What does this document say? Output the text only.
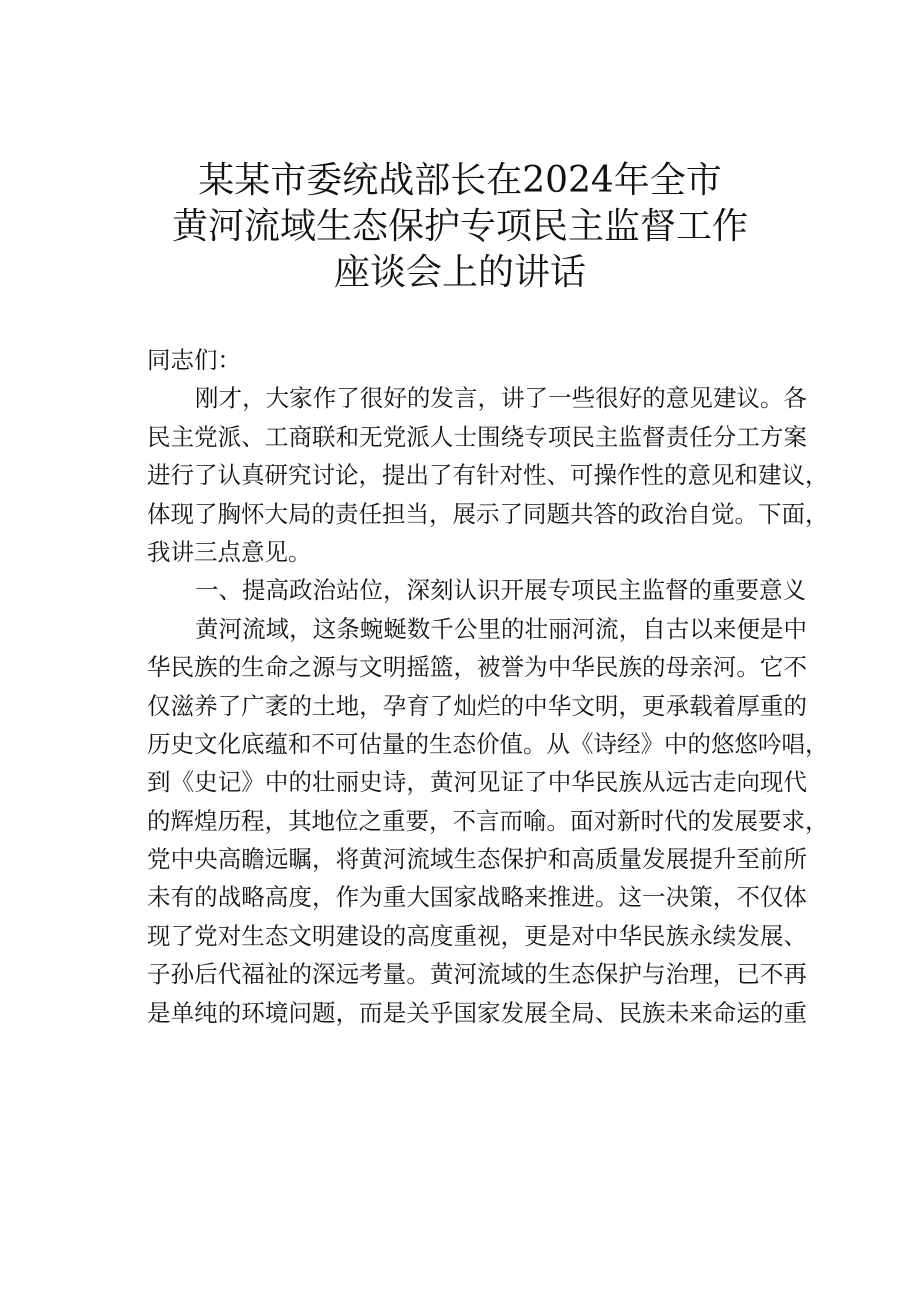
某某市委统战部长在2024年全市
黄河流域生态保护专项民主监督工作
座谈会上的讲话
同志们：
刚才，大家作了很好的发言，讲了一些很好的意见建议。各
民主党派、工商联和无党派人士围绕专项民主监督责任分工方案
进行了认真研究讨论，提出了有针对性、可操作性的意见和建议，
体现了胸怀大局的责任担当，展示了同题共答的政治自觉。下面，
我讲三点意见。
一、提高政治站位，深刻认识开展专项民主监督的重要意义
黄河流域，这条蜿蜒数千公里的壮丽河流，自古以来便是中
华民族的生命之源与文明摇篮，被誉为中华民族的母亲河。它不
仅滋养了广袤的土地，孕育了灿烂的中华文明，更承载着厚重的
历史文化底蕴和不可估量的生态价值。从《诗经》中的悠悠吟唱，
到《史记》中的壮丽史诗，黄河见证了中华民族从远古走向现代
的辉煌历程，其地位之重要，不言而喻。面对新时代的发展要求，
党中央高瞻远瞩，将黄河流域生态保护和高质量发展提升至前所
未有的战略高度，作为重大国家战略来推进。这一决策，不仅体
现了党对生态文明建设的高度重视，更是对中华民族永续发展、
子孙后代福祉的深远考量。黄河流域的生态保护与治理，已不再
是单纯的环境问题，而是关乎国家发展全局、民族未来命运的重
